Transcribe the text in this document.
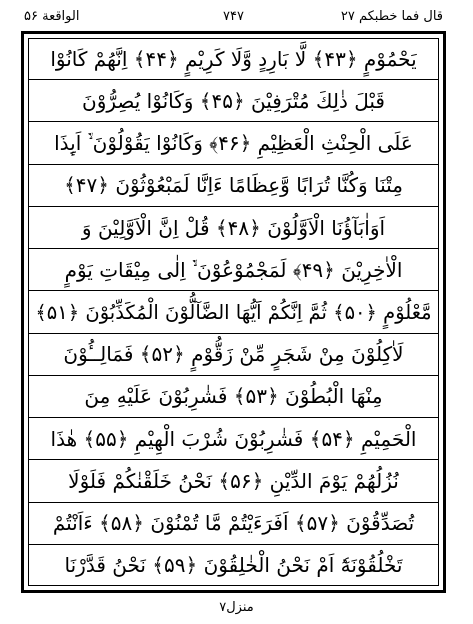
الواقعة ۵۶	۷۴۷	قال فما خطبكم ۲۷
يَحْمُوْمٍ ﴿۴۳﴾ لَّا بَارِدٍ وَّلَا كَرِيْمٍ ﴿۴۴﴾ اِنَّهُمْ كَانُوْا
قَبْلَ ذٰلِكَ مُتْرَفِيْنَ ﴿۴۵﴾ وَكَانُوْا يُصِرُّوْنَ
عَلَى الْحِنْثِ الْعَظِيْمِ ﴿۴۶﴾ وَكَانُوْا يَقُوْلُوْنَ ۙ۬ اَىِٕذَا
مِتْنَا وَكُنَّا تُرَابًا وَّعِظَامًا ءَاِنَّا لَمَبْعُوْثُوْنَ ﴿۴۷﴾
اَوَاٰبَآؤُنَا الْاَوَّلُوْنَ ﴿۴۸﴾ قُلْ اِنَّ الْاَوَّلِيْنَ وَ
الْاٰخِرِيْنَ ﴿۴۹﴾ لَمَجْمُوْعُوْنَ ۙ۬ اِلٰى مِيْقَاتِ يَوْمٍ
مَّعْلُوْمٍ ﴿۵۰﴾ ثُمَّ اِنَّكُمْ اَيُّهَا الضَّآلُّوْنَ الْمُكَذِّبُوْنَ ﴿۵۱﴾
لَاٰكِلُوْنَ مِنْ شَجَرٍ مِّنْ زَقُّوْمٍ ﴿۵۲﴾ فَمَالِــُٔوْنَ
مِنْهَا الْبُطُوْنَ ﴿۵۳﴾ فَشٰرِبُوْنَ عَلَيْهِ مِنَ
الْحَمِيْمِ ﴿۵۴﴾ فَشٰرِبُوْنَ شُرْبَ الْهِيْمِ ﴿۵۵﴾ هٰذَا
نُزُلُهُمْ يَوْمَ الدِّيْنِ ﴿۵۶﴾ نَحْنُ خَلَقْنٰكُمْ فَلَوْلَا
تُصَدِّقُوْنَ ﴿۵۷﴾ اَفَرَءَيْتُمْ مَّا تُمْنُوْنَ ﴿۵۸﴾ ءَاَنْتُمْ
تَخْلُقُوْنَهٗٓ اَمْ نَحْنُ الْخٰلِقُوْنَ ﴿۵۹﴾ نَحْنُ قَدَّرْنَا
منزل۷
